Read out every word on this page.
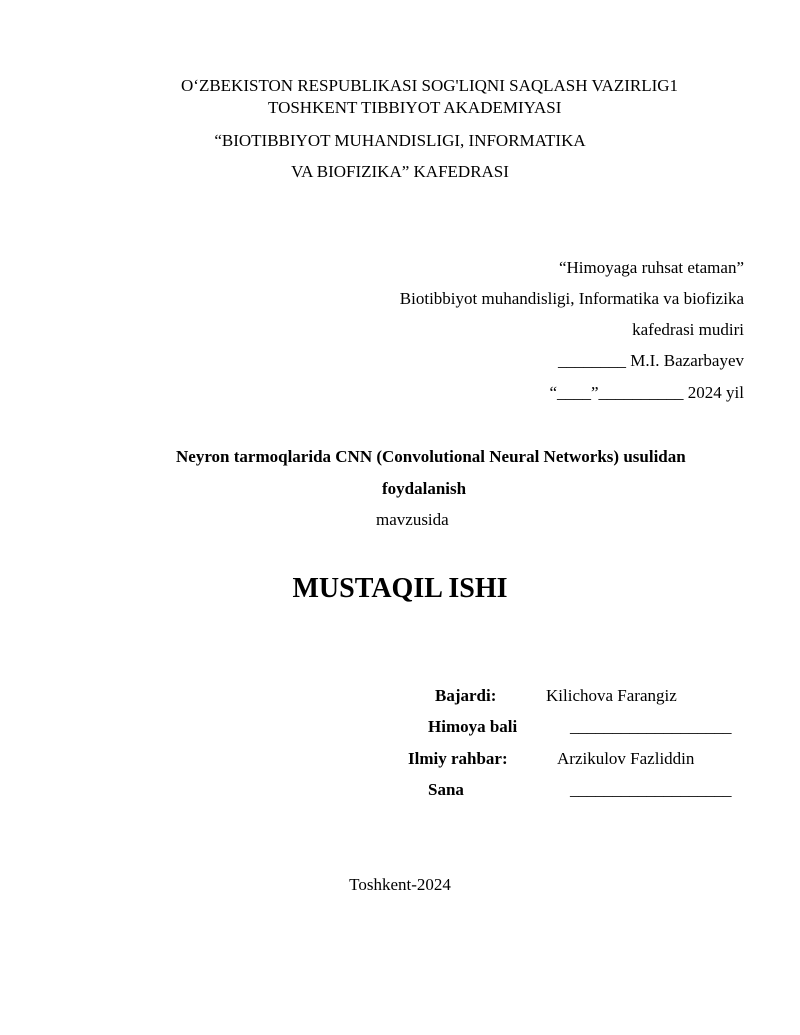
O‘ZBEKISTON RESPUBLIKASI SOG'LIQNI SAQLASH VAZIRLIG1
TOSHKENT TIBBIYOT AKADEMIYASI
“BIOTIBBIYOT MUHANDISLIGI, INFORMATIKA
VA BIOFIZIKA” KAFEDRASI
“Himoyaga ruhsat etaman”
Biotibbiyot muhandisligi, Informatika va biofizika
kafedrasi mudiri
________ M.I. Bazarbayev
“____”__________ 2024 yil
Neyron tarmoqlarida CNN (Convolutional Neural Networks) usulidan
foydalanish
mavzusida
MUSTAQIL ISHI
Bajardi:	Kilichova Farangiz
Himoya bali	___________________
Ilmiy rahbar:	Arzikulov Fazliddin
Sana	___________________
Toshkent-2024
